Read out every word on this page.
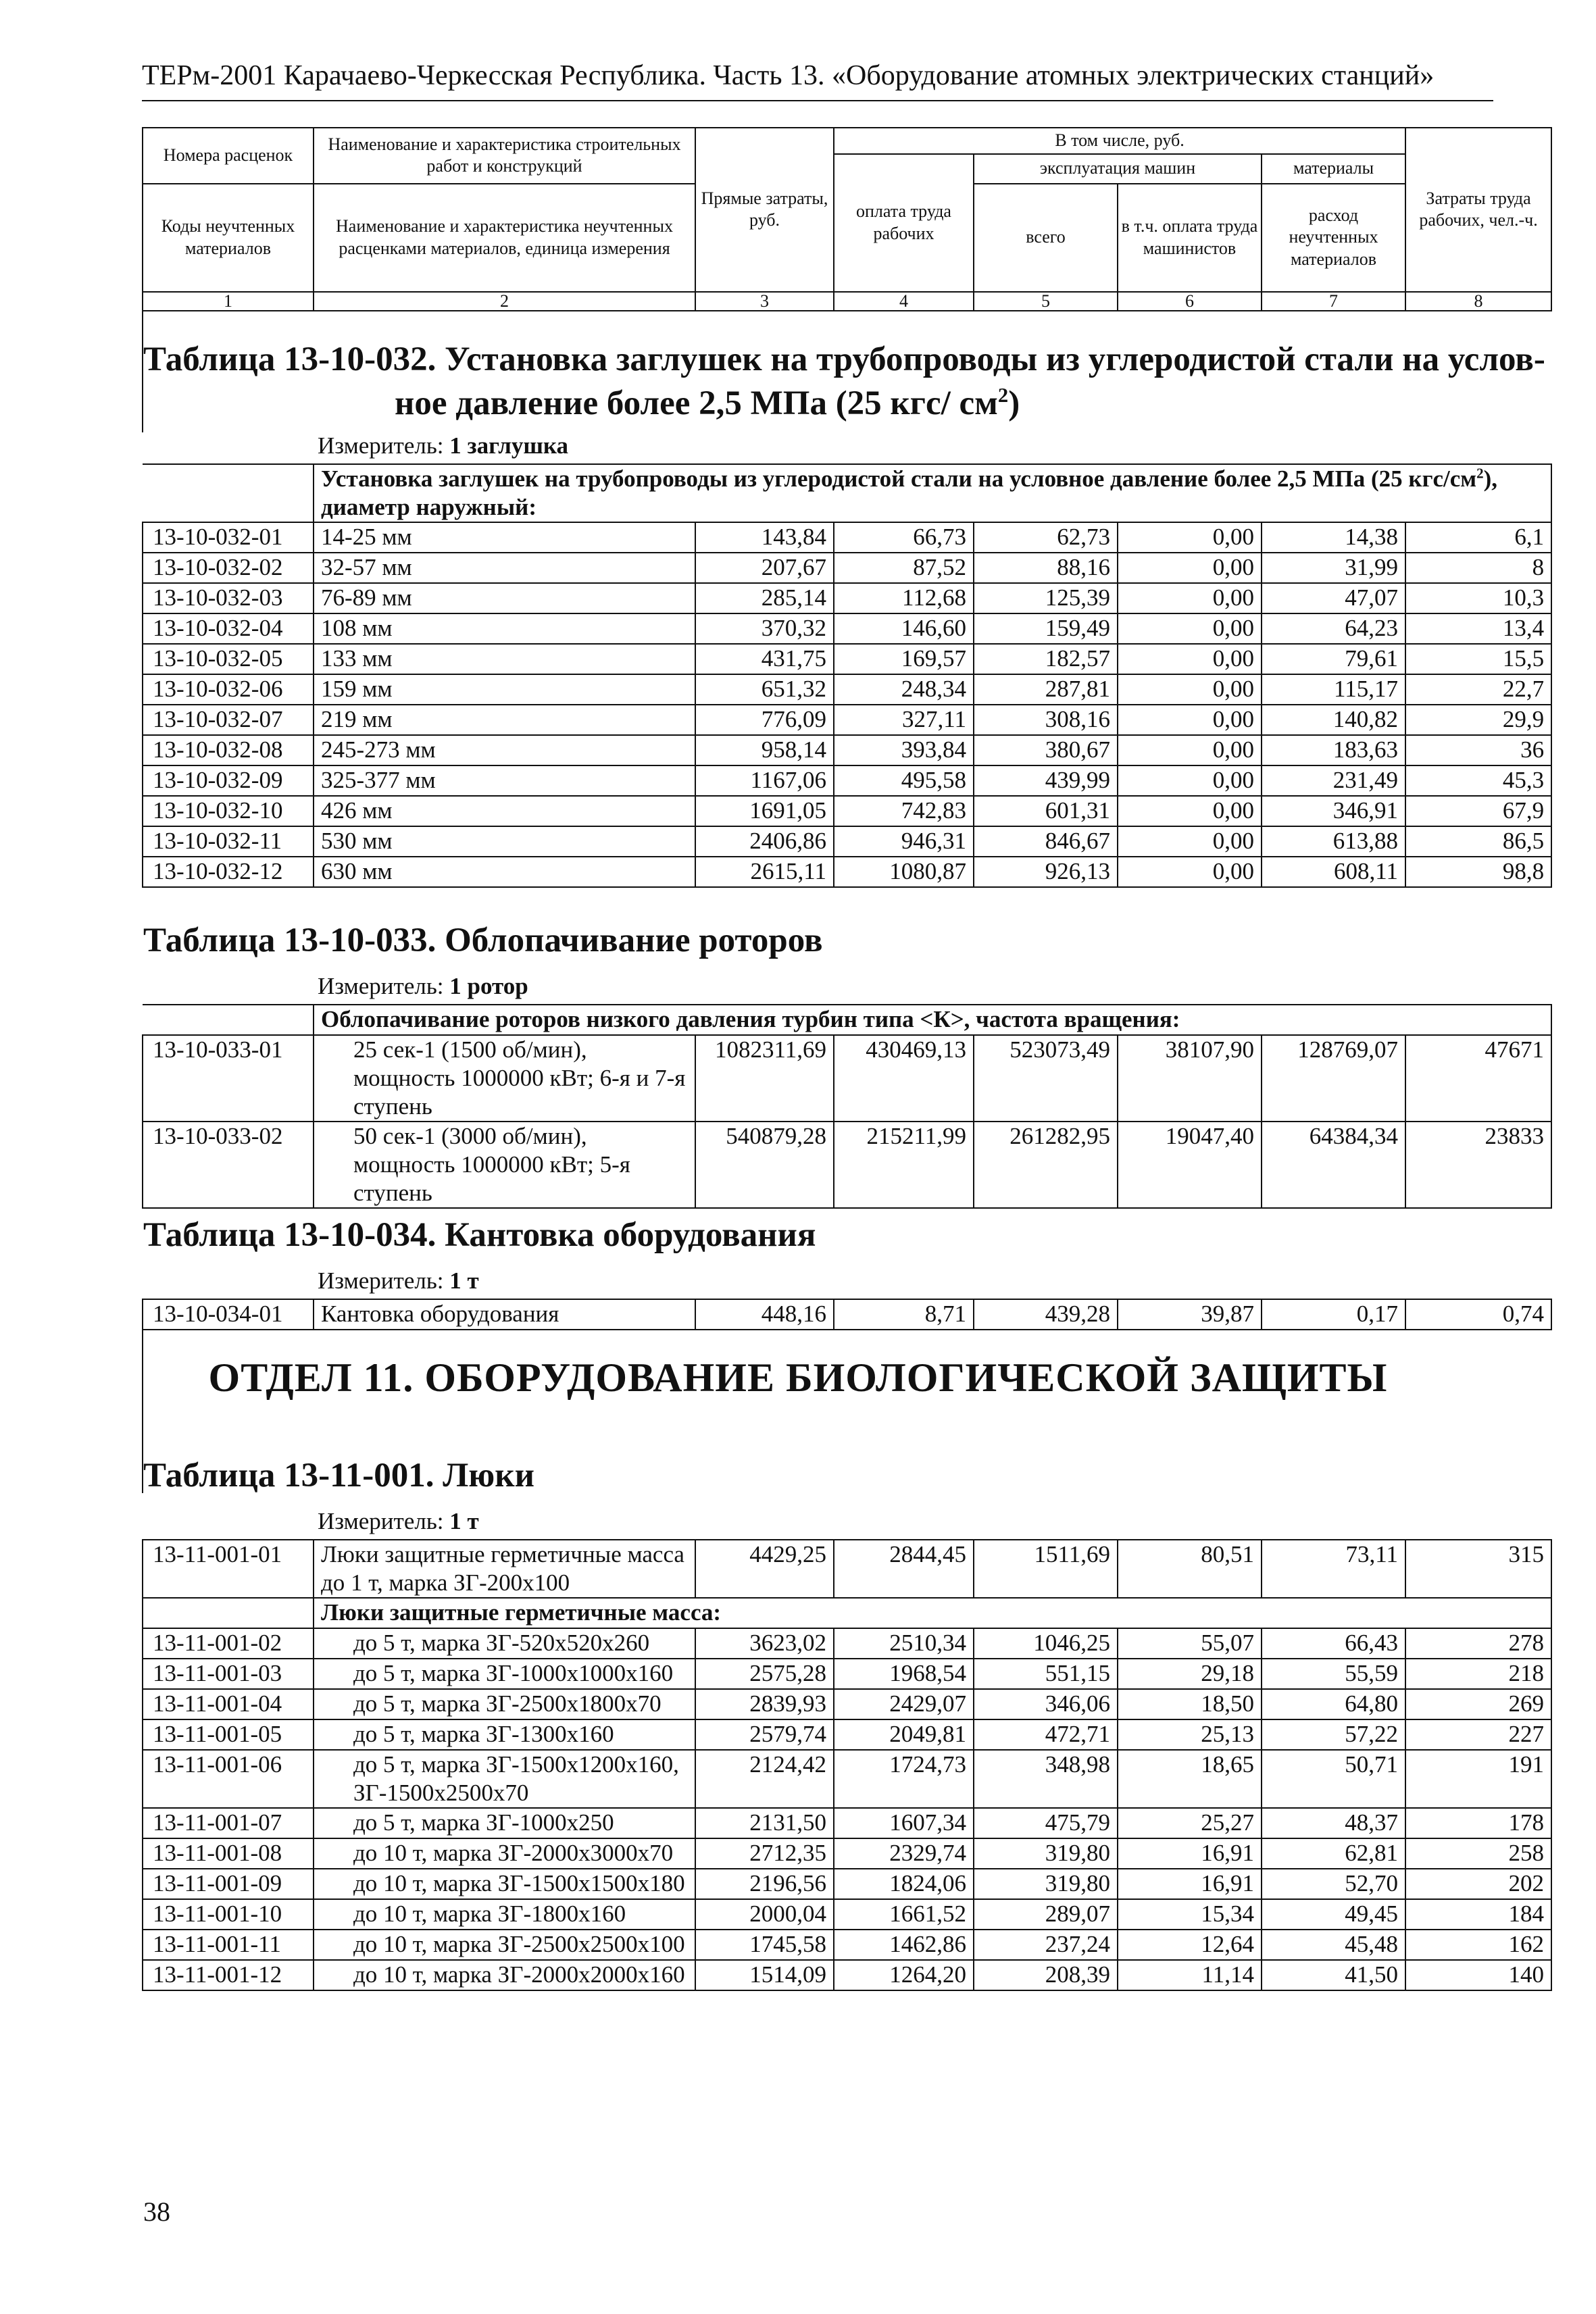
ТЕРм-2001 Карачаево-Черкесская Республика. Часть 13. «Оборудование атомных электрических станций»
Номера расценок	Наименование и характеристика строительных работ и конструкций	Прямые затраты, руб.	В том числе, руб.				Затраты труда рабочих, чел.-ч.
			оплата труда рабочих	эксплуатация машин		материалы	
Коды неучтенных материалов	Наименование и характеристика неучтенных расценками материалов, единица измерения			всего	в т.ч. оплата труда машинистов	расход неучтенных материалов	
1	2	3	4	5	6	7	8
Таблица 13-10-032. Установка заглушек на трубопроводы из углеродистой стали на услов-
ное давление более 2,5 МПа (25 кгс/ $см^2$)
Измеритель: 1 заглушка
	Установка заглушек на трубопроводы из углеродистой стали на условное давление более 2,5 МПа (25 кгс/$см^2$), диаметр наружный:						
13-10-032-01	14-25 мм	143,84	66,73	62,73	0,00	14,38	6,1
13-10-032-02	32-57 мм	207,67	87,52	88,16	0,00	31,99	8
13-10-032-03	76-89 мм	285,14	112,68	125,39	0,00	47,07	10,3
13-10-032-04	108 мм	370,32	146,60	159,49	0,00	64,23	13,4
13-10-032-05	133 мм	431,75	169,57	182,57	0,00	79,61	15,5
13-10-032-06	159 мм	651,32	248,34	287,81	0,00	115,17	22,7
13-10-032-07	219 мм	776,09	327,11	308,16	0,00	140,82	29,9
13-10-032-08	245-273 мм	958,14	393,84	380,67	0,00	183,63	36
13-10-032-09	325-377 мм	1167,06	495,58	439,99	0,00	231,49	45,3
13-10-032-10	426 мм	1691,05	742,83	601,31	0,00	346,91	67,9
13-10-032-11	530 мм	2406,86	946,31	846,67	0,00	613,88	86,5
13-10-032-12	630 мм	2615,11	1080,87	926,13	0,00	608,11	98,8
Таблица 13-10-033. Облопачивание роторов
Измеритель: 1 ротор
	Облопачивание роторов низкого давления турбин типа <К>, частота вращения:						
13-10-033-01	25 сек-1 (1500 об/мин), мощность 1000000 кВт; 6-я и 7-я ступень	1082311,69	430469,13	523073,49	38107,90	128769,07	47671
13-10-033-02	50 сек-1 (3000 об/мин), мощность 1000000 кВт; 5-я ступень	540879,28	215211,99	261282,95	19047,40	64384,34	23833
Таблица 13-10-034. Кантовка оборудования
Измеритель: 1 т
13-10-034-01	Кантовка оборудования	448,16	8,71	439,28	39,87	0,17	0,74
ОТДЕЛ 11. ОБОРУДОВАНИЕ БИОЛОГИЧЕСКОЙ ЗАЩИТЫ
Таблица 13-11-001. Люки
Измеритель: 1 т
13-11-001-01	Люки защитные герметичные масса до 1 т, марка ЗГ-200х100	4429,25	2844,45	1511,69	80,51	73,11	315
	Люки защитные герметичные масса:						
13-11-001-02	до 5 т, марка ЗГ-520х520х260	3623,02	2510,34	1046,25	55,07	66,43	278
13-11-001-03	до 5 т, марка ЗГ-1000х1000х160	2575,28	1968,54	551,15	29,18	55,59	218
13-11-001-04	до 5 т, марка ЗГ-2500х1800х70	2839,93	2429,07	346,06	18,50	64,80	269
13-11-001-05	до 5 т, марка ЗГ-1300х160	2579,74	2049,81	472,71	25,13	57,22	227
13-11-001-06	до 5 т, марка ЗГ-1500х1200х160, ЗГ-1500х2500х70	2124,42	1724,73	348,98	18,65	50,71	191
13-11-001-07	до 5 т, марка ЗГ-1000х250	2131,50	1607,34	475,79	25,27	48,37	178
13-11-001-08	до 10 т, марка ЗГ-2000х3000х70	2712,35	2329,74	319,80	16,91	62,81	258
13-11-001-09	до 10 т, марка ЗГ-1500х1500х180	2196,56	1824,06	319,80	16,91	52,70	202
13-11-001-10	до 10 т, марка ЗГ-1800х160	2000,04	1661,52	289,07	15,34	49,45	184
13-11-001-11	до 10 т, марка ЗГ-2500х2500х100	1745,58	1462,86	237,24	12,64	45,48	162
13-11-001-12	до 10 т, марка ЗГ-2000х2000х160	1514,09	1264,20	208,39	11,14	41,50	140
38
